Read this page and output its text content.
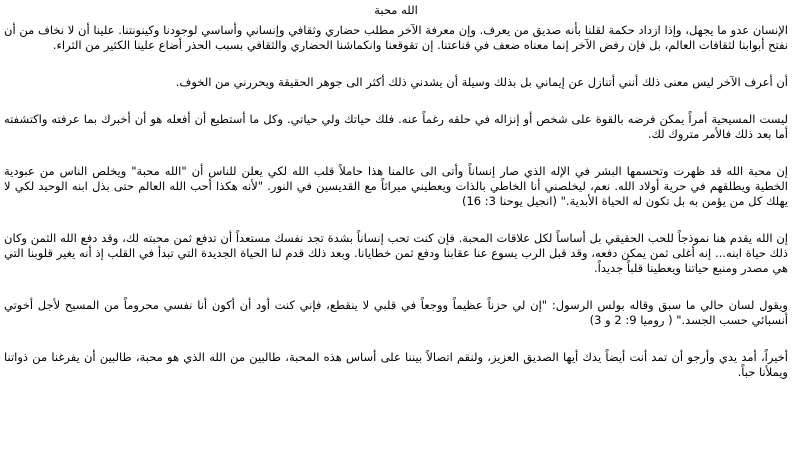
الله محبة

الإنسان عدو ما يجهل، وإذا ازداد حكمة لقلنا بأنه صديق من يعرف. وإن معرفة الآخر مطلب حضاري وثقافي وإنساني وأساسي لوجودنا وكينونتنا. علينا أن لا نخاف من أن نفتح أبوابنا لثقافات العالم، بل فإن رفض الآخر إنما معناه ضعف في قناعتنا. إن تقوقعنا وانكماشنا الحضاري والثقافي بسبب الحذر أضاع علينا الكثير من الثراء.

أن أعرف الآخر ليس معنى ذلك أنني أتنازل عن إيماني بل بذلك وسيلة أن يشدني ذلك أكثر الى جوهر الحقيقة ويحررني من الخوف.

ليست المسيحية أمراً يمكن فرضه بالقوة على شخص أو إنزاله في حلقه رغماً عنه. فلك حياتك ولي حياتي. وكل ما أستطيع أن أفعله هو أن أخبرك بما عرفته واكتشفته أما بعد ذلك فالأمر متروك لك.

إن محبة الله قد ظهرت وتحسمها البشر في الإله الذي صار إنساناً وأتى الى عالمنا هذا حاملاً قلب الله لكي يعلن للناس أن "الله محبة" ويخلص الناس من عبودية الخطية ويطلقهم في حرية أولاد الله. نعم، ليخلصني أنا الخاطي بالذات ويعطيني ميراثاً مع القديسين في النور. "لأنه هكذا أحب الله العالم حتى بذل ابنه الوحيد لكي لا يهلك كل من يؤمن به بل تكون له الحياة الأبدية." (انجيل يوحنا 3: 16)

إن الله يقدم هنا نموذجاً للحب الحقيقي بل أساساً لكل علاقات المحبة. فإن كنت تحب إنساناً بشدة تجد نفسك مستعداً أن تدفع ثمن محبته لك، وقد دفع الله الثمن وكان ذلك حياة ابنه... إنه أغلى ثمن يمكن دفعه، وقد قبل الرب يسوع عنا عقابنا ودفع ثمن خطايانا. وبعد ذلك قدم لنا الحياة الجديدة التي تبدأ في القلب إذ أنه يغير قلوبنا التي هي مصدر ومنبع حياتنا ويعطينا قلباً جديداً.

ويقول لسان حالي ما سبق وقاله بولس الرسول: "إن لي حزناً عظيماً ووجعاً في قلبي لا ينقطع، فإني كنت أود أن أكون أنا نفسي محروماً من المسيح لأجل أخوتي أنسبائي حسب الجسد." ( روميا 9: 2 و 3)

أخيراً، أمد يدي وأرجو أن تمد أنت أيضاً يدك أيها الصديق العزيز، ولنقم اتصالاً بيننا على أساس هذه المحبة، طالبين من الله الذي هو محبة، طالبين أن يفرغنا من ذواتنا ويملأنا حباً.
